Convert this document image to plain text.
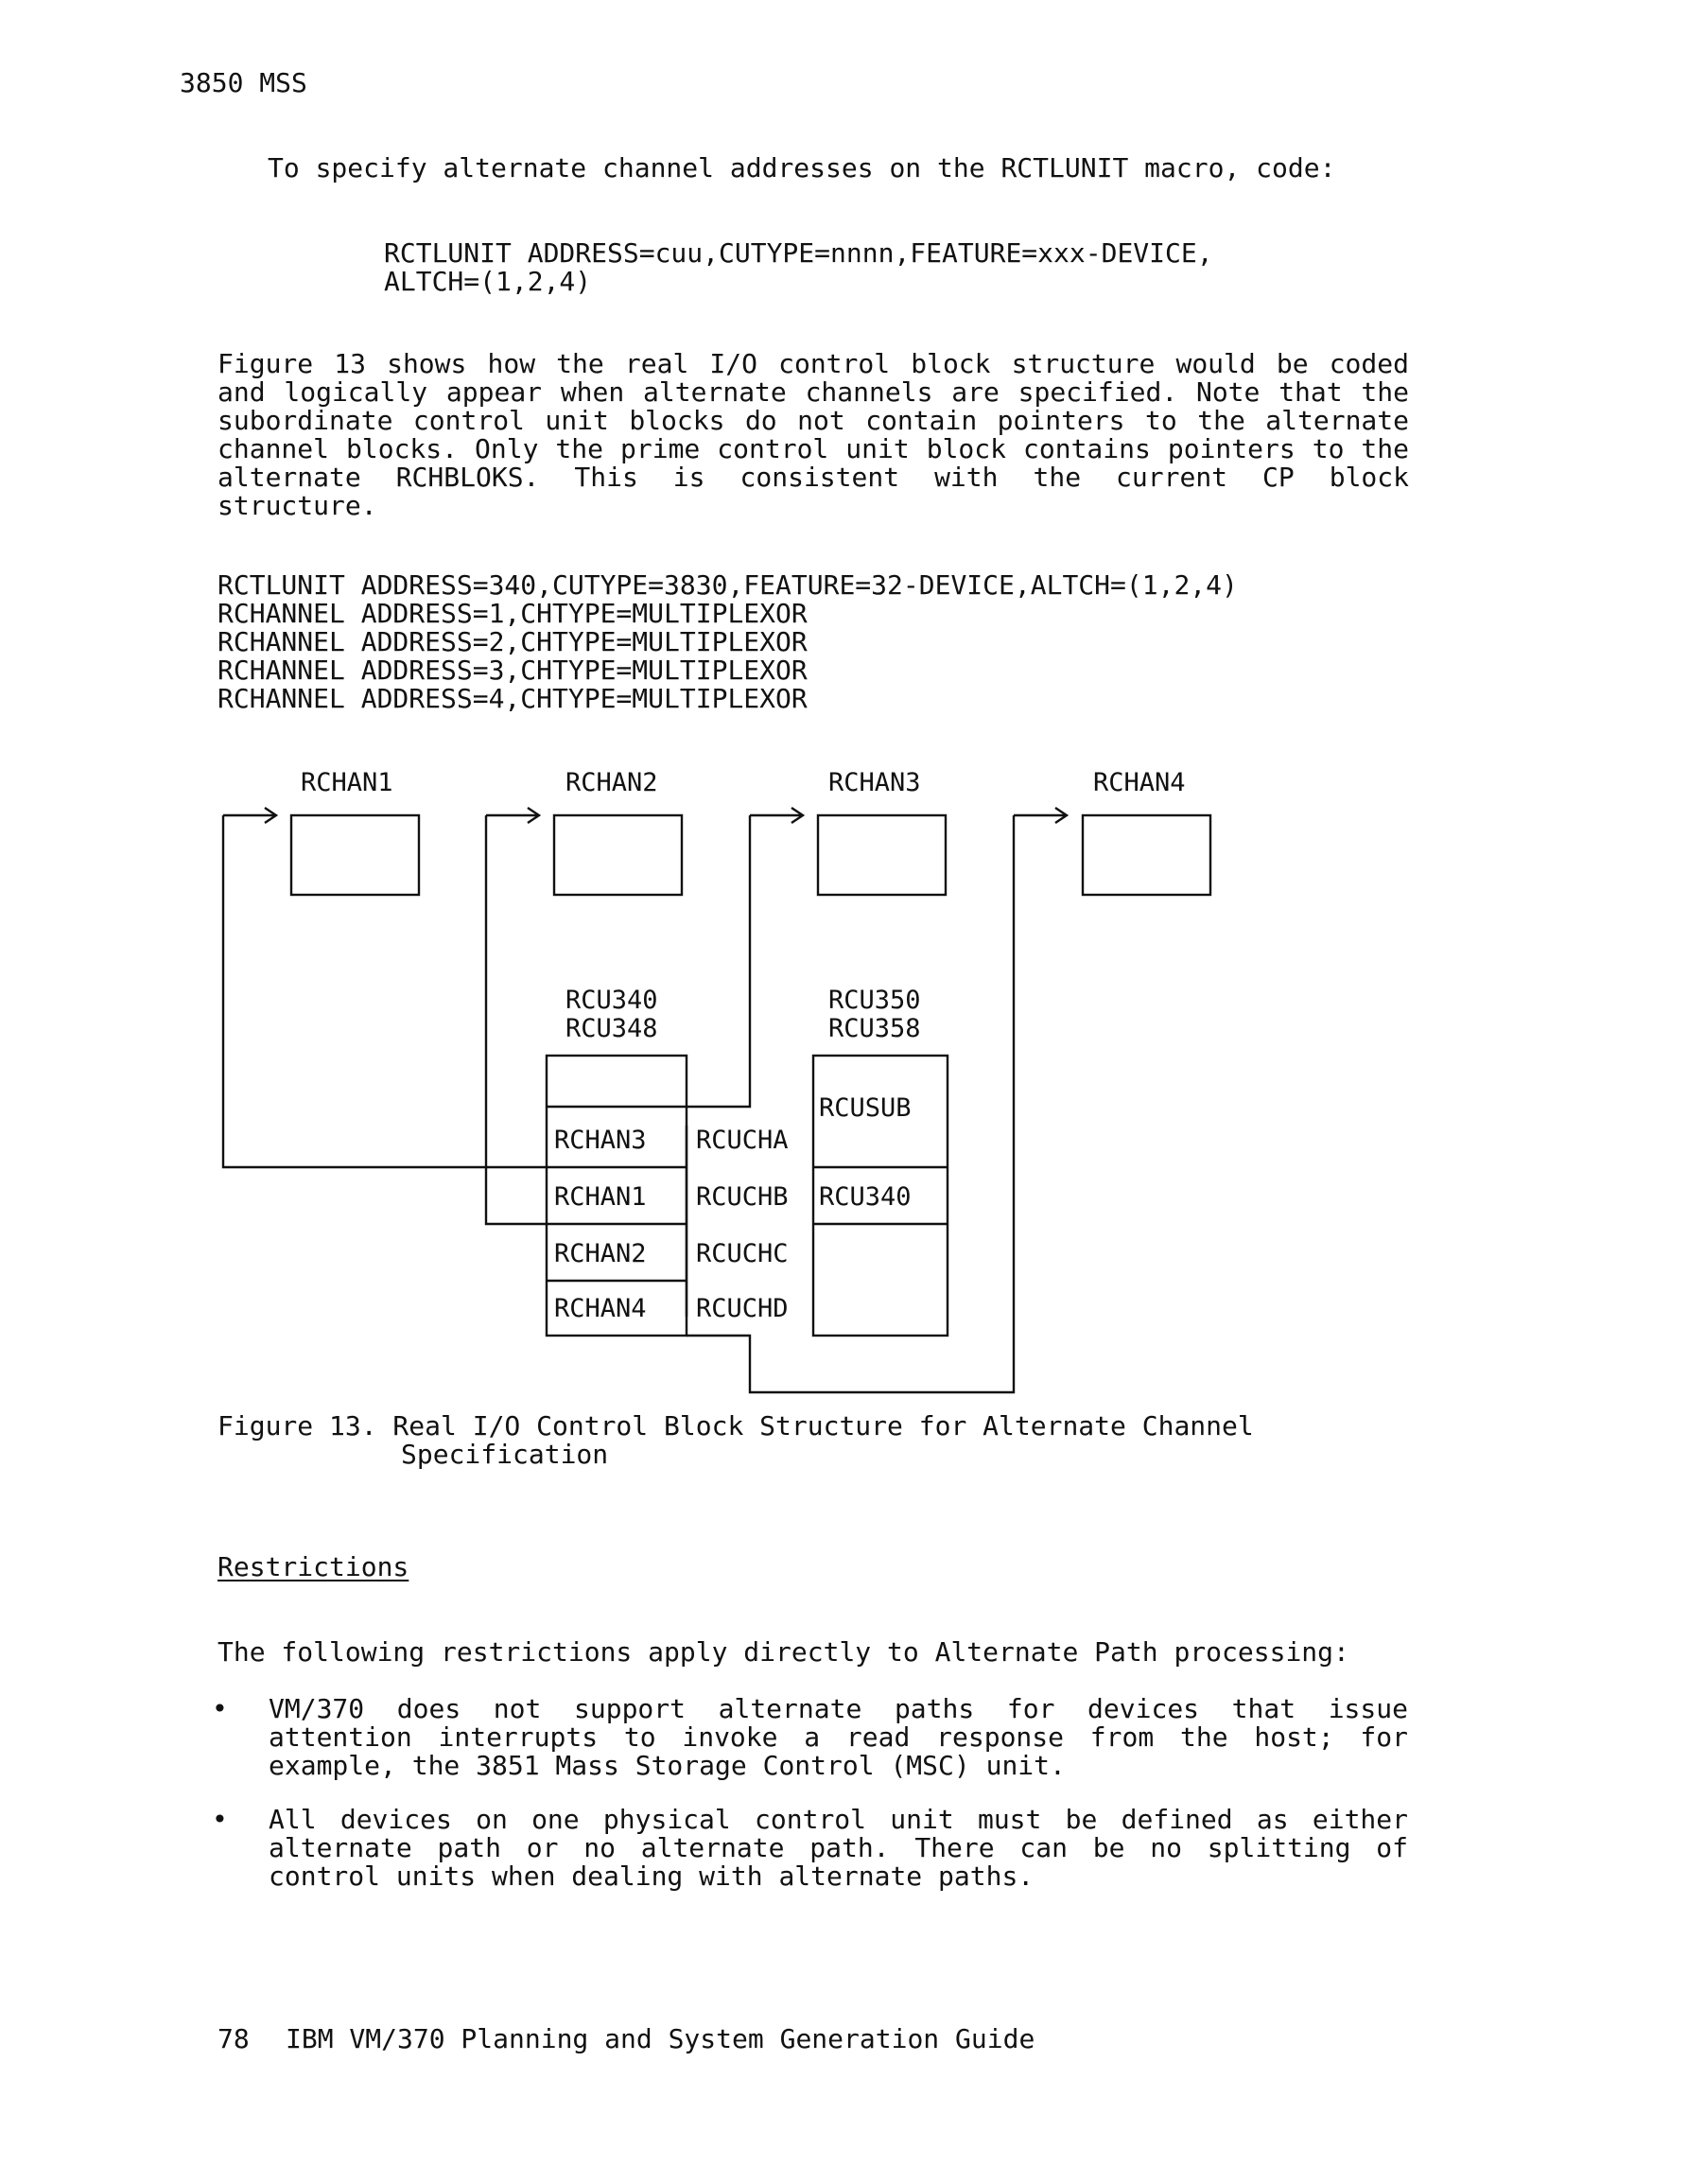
3850 MSS
To specify alternate channel addresses on the RCTLUNIT macro, code:
RCTLUNIT ADDRESS=cuu,CUTYPE=nnnn,FEATURE=xxx-DEVICE,
ALTCH=(1,2,4)
Figure 13 shows how the real I/O control block structure would be coded and logically appear when alternate channels are specified. Note that the subordinate control unit blocks do not contain pointers to the alternate channel blocks. Only the prime control unit block contains pointers to the alternate RCHBLOKS. This is consistent with the current CP block structure.
RCTLUNIT ADDRESS=340,CUTYPE=3830,FEATURE=32-DEVICE,ALTCH=(1,2,4)
RCHANNEL ADDRESS=1,CHTYPE=MULTIPLEXOR
RCHANNEL ADDRESS=2,CHTYPE=MULTIPLEXOR
RCHANNEL ADDRESS=3,CHTYPE=MULTIPLEXOR
RCHANNEL ADDRESS=4,CHTYPE=MULTIPLEXOR
RCHAN1	RCHAN2	RCHAN3	RCHAN4
RCU340
RCU348
RCU350
RCU358
RCHAN3
RCHAN1
RCHAN2
RCHAN4
RCUCHA
RCUCHB
RCUCHC
RCUCHD
RCUSUB
RCU340
Figure 13. Real I/O Control Block Structure for Alternate Channel
Specification
Restrictions
The following restrictions apply directly to Alternate Path processing:
• VM/370 does not support alternate paths for devices that issue attention interrupts to invoke a read response from the host; for example, the 3851 Mass Storage Control (MSC) unit.
• All devices on one physical control unit must be defined as either alternate path or no alternate path. There can be no splitting of control units when dealing with alternate paths.
78 IBM VM/370 Planning and System Generation Guide
